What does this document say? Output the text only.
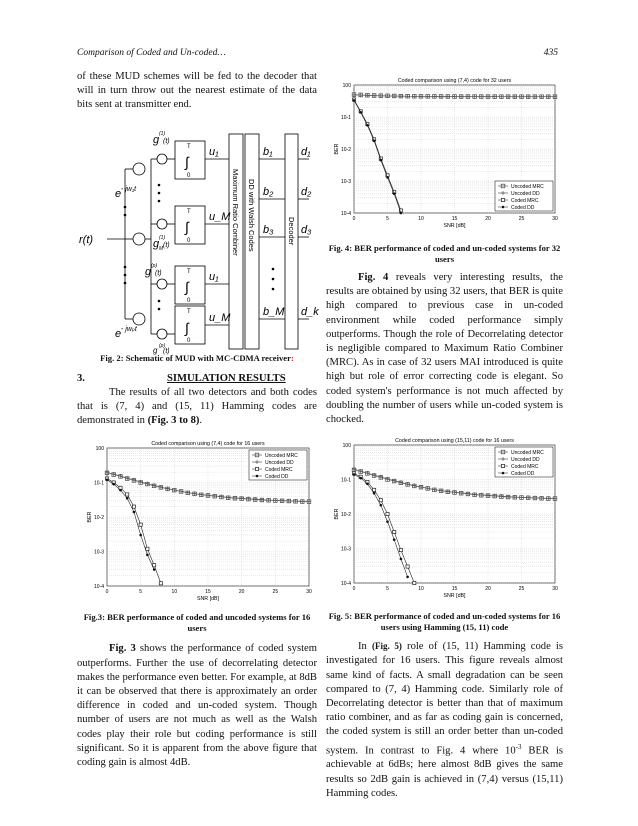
Comparison of Coded and Un-coded…	435

of these MUD schemes will be fed to the decoder that will in turn throw out the nearest estimate of the data bits sent at transmitter end.

r(t)
e - jw₁t
e - jwₚt
g (1)
(t)
g (1)
M (t)
g (p)
(t)
g (p)
(t)
u₁
u_M
u₁
u_M
b₁
b₂
b₃
b_M
d₁
d₂
d₃
d_k
∫
∫
∫
∫
T
0
T
0
T
0
T
0
Maximum Ratio Combiner DD with Walsh Codes	Decoder

Fig. 2: Schematic of MUD with MC-CDMA receiver:

3.	SIMULATION RESULTS

The results of all two detectors and both codes that is (7, 4) and (15, 11) Hamming codes are demonstrated in (Fig. 3 to 8).

0	5	10	15	20	25	30
100
10-1
10-2
10-3
10-4
Coded comparison using (7,4) code for 16 users
SNR [dB]
BER
Uncoded MRC
Uncoded DD
Coded MRC
Coded DD

Fig.3: BER performance of coded and uncoded systems for 16 users

Fig. 3 shows the performance of coded system outperforms. Further the use of decorrelating detector makes the performance even better. For example, at 8dB it can be observed that there is approximately an order difference in coded and un-coded system. Though number of users are not much as well as the Walsh codes play their role but coding performance is still significant. So it is apparent from the above figure that coding gain is almost 4dB.

0	5	10	15	20	25	30
100
10-1
10-2
10-3
10-4
Coded comparison using (7,4) code for 32 users
SNR [dB]
BER
Uncoded MRC
Uncoded DD
Coded MRC
Coded DD

Fig. 4: BER performance of coded and un-coded systems for 32 users

Fig. 4 reveals very interesting results, the results are obtained by using 32 users, that BER is quite high compared to previous case in un-coded environment while coded performance simply outperforms. Though the role of Decorrelating detector is negligible compared to Maximum Ratio Combiner (MRC). As in case of 32 users MAI introduced is quite high but role of error correcting code is elegant. So coded system's performance is not much affected by doubling the number of users while un-coded system is chocked.

0	5	10	15	20	25	30
100
10-1
10-2
10-3
10-4
Coded comparison using (15,11) code for 16 users
SNR [dB]
BER
Uncoded MRC
Uncoded DD
Coded MRC
Coded DD

Fig. 5: BER performance of coded and un-coded systems for 16 users using Hamming (15, 11) code

In (Fig. 5) role of (15, 11) Hamming code is investigated for 16 users. This figure reveals almost same kind of facts. A small degradation can be seen compared to (7, 4) Hamming code. Similarly role of Decorrelating detector is better than that of maximum ratio combiner, and as far as coding gain is concerned, the coded system is still an order better than un-coded system. In contrast to Fig. 4 where $10^{-3}$ BER is achievable at 6dBs; here almost 8dB gives the same results so 2dB gain is achieved in (7,4) versus (15,11) Hamming codes.
